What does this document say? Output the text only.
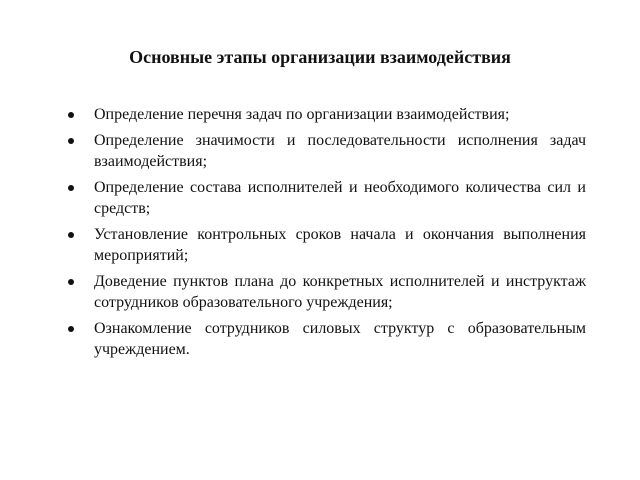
Основные этапы организации взаимодействия
Определение перечня задач по организации взаимодействия;
Определение значимости и последовательности исполнения задач взаимодействия;
Определение состава исполнителей и необходимого количества сил и средств;
Установление контрольных сроков начала и окончания выполнения мероприятий;
Доведение пунктов плана до конкретных исполнителей и инструктаж сотрудников образовательного учреждения;
Ознакомление сотрудников силовых структур с образовательным учреждением.
